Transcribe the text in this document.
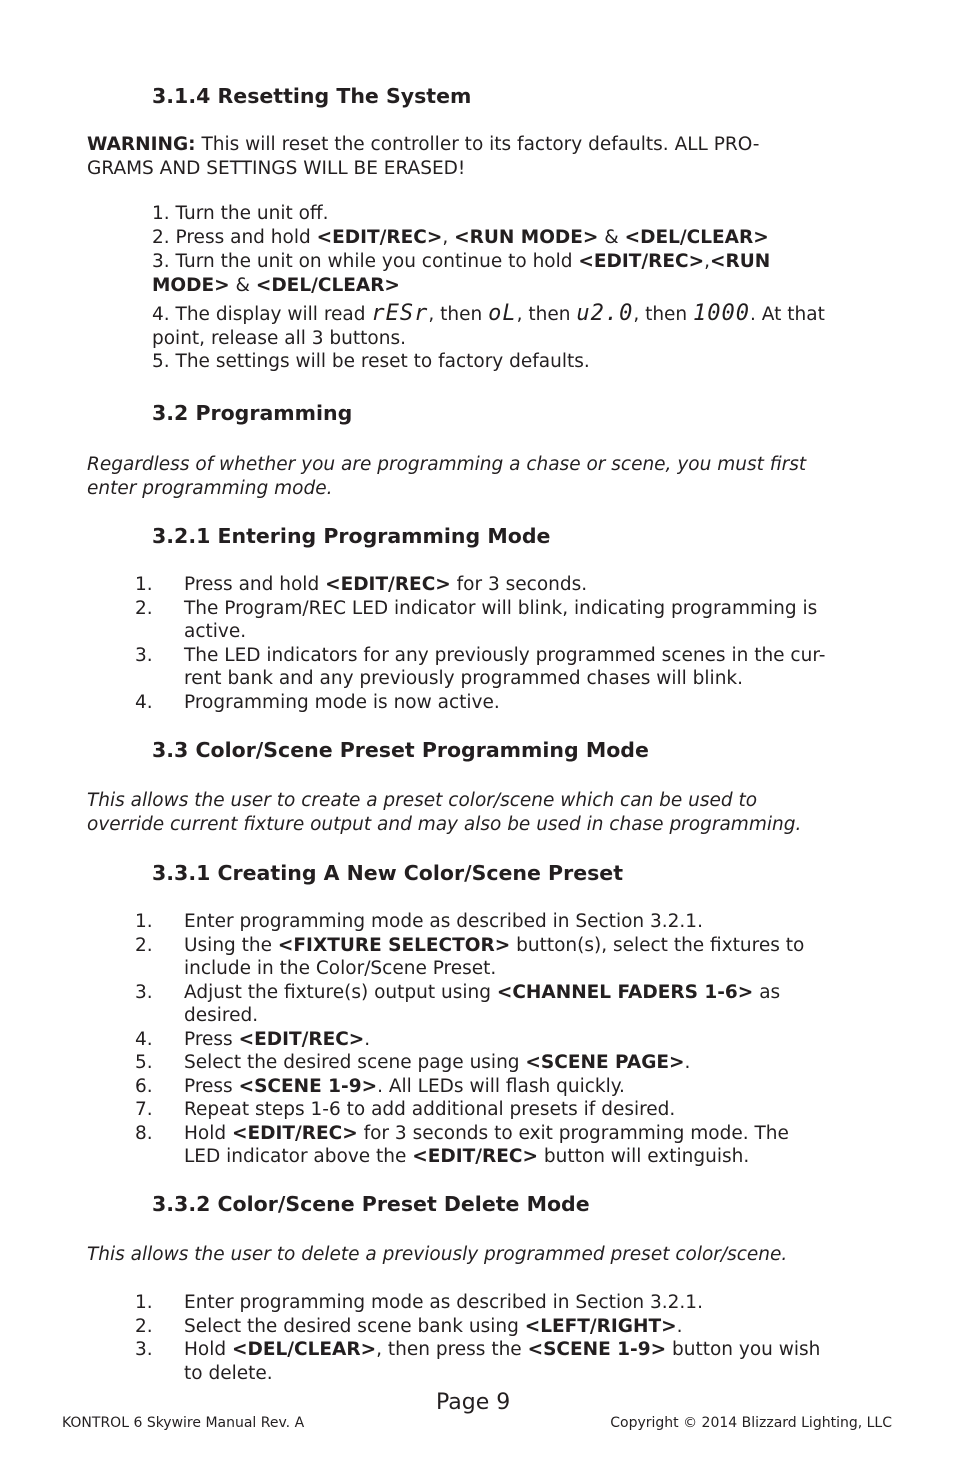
3.1.4 Resetting The System

WARNING: This will reset the controller to its factory defaults. ALL PRO-
GRAMS AND SETTINGS WILL BE ERASED!

1. Turn the unit off.

2. Press and hold <EDIT/REC>, <RUN MODE> & <DEL/CLEAR>

3. Turn the unit on while you continue to hold <EDIT/REC>,<RUN
MODE> & <DEL/CLEAR>

4. The display will read rESr, then oL, then u2.0, then 1000. At that
point, release all 3 buttons.

5. The settings will be reset to factory defaults.

3.2 Programming

Regardless of whether you are programming a chase or scene, you must first
enter programming mode.

3.2.1 Entering Programming Mode
1. Press and hold <EDIT/REC> for 3 seconds.
2. The Program/REC LED indicator will blink, indicating programming is
active.
3. The LED indicators for any previously programmed scenes in the cur-
rent bank and any previously programmed chases will blink.
4. Programming mode is now active.
3.3 Color/Scene Preset Programming Mode

This allows the user to create a preset color/scene which can be used to
override current fixture output and may also be used in chase programming.

3.3.1 Creating A New Color/Scene Preset
1. Enter programming mode as described in Section 3.2.1.
2. Using the <FIXTURE SELECTOR> button(s), select the fixtures to
include in the Color/Scene Preset.
3. Adjust the fixture(s) output using <CHANNEL FADERS 1-6> as
desired.
4. Press <EDIT/REC>.
5. Select the desired scene page using <SCENE PAGE>.
6. Press <SCENE 1-9>. All LEDs will flash quickly.
7. Repeat steps 1-6 to add additional presets if desired.
8. Hold <EDIT/REC> for 3 seconds to exit programming mode. The
LED indicator above the <EDIT/REC> button will extinguish.
3.3.2 Color/Scene Preset Delete Mode

This allows the user to delete a previously programmed preset color/scene.

1. Enter programming mode as described in Section 3.2.1.
2. Select the desired scene bank using <LEFT/RIGHT>.
3. Hold <DEL/CLEAR>, then press the <SCENE 1-9> button you wish
to delete.
Page 9
KONTROL 6 Skywire Manual Rev. A	Copyright © 2014 Blizzard Lighting, LLC
